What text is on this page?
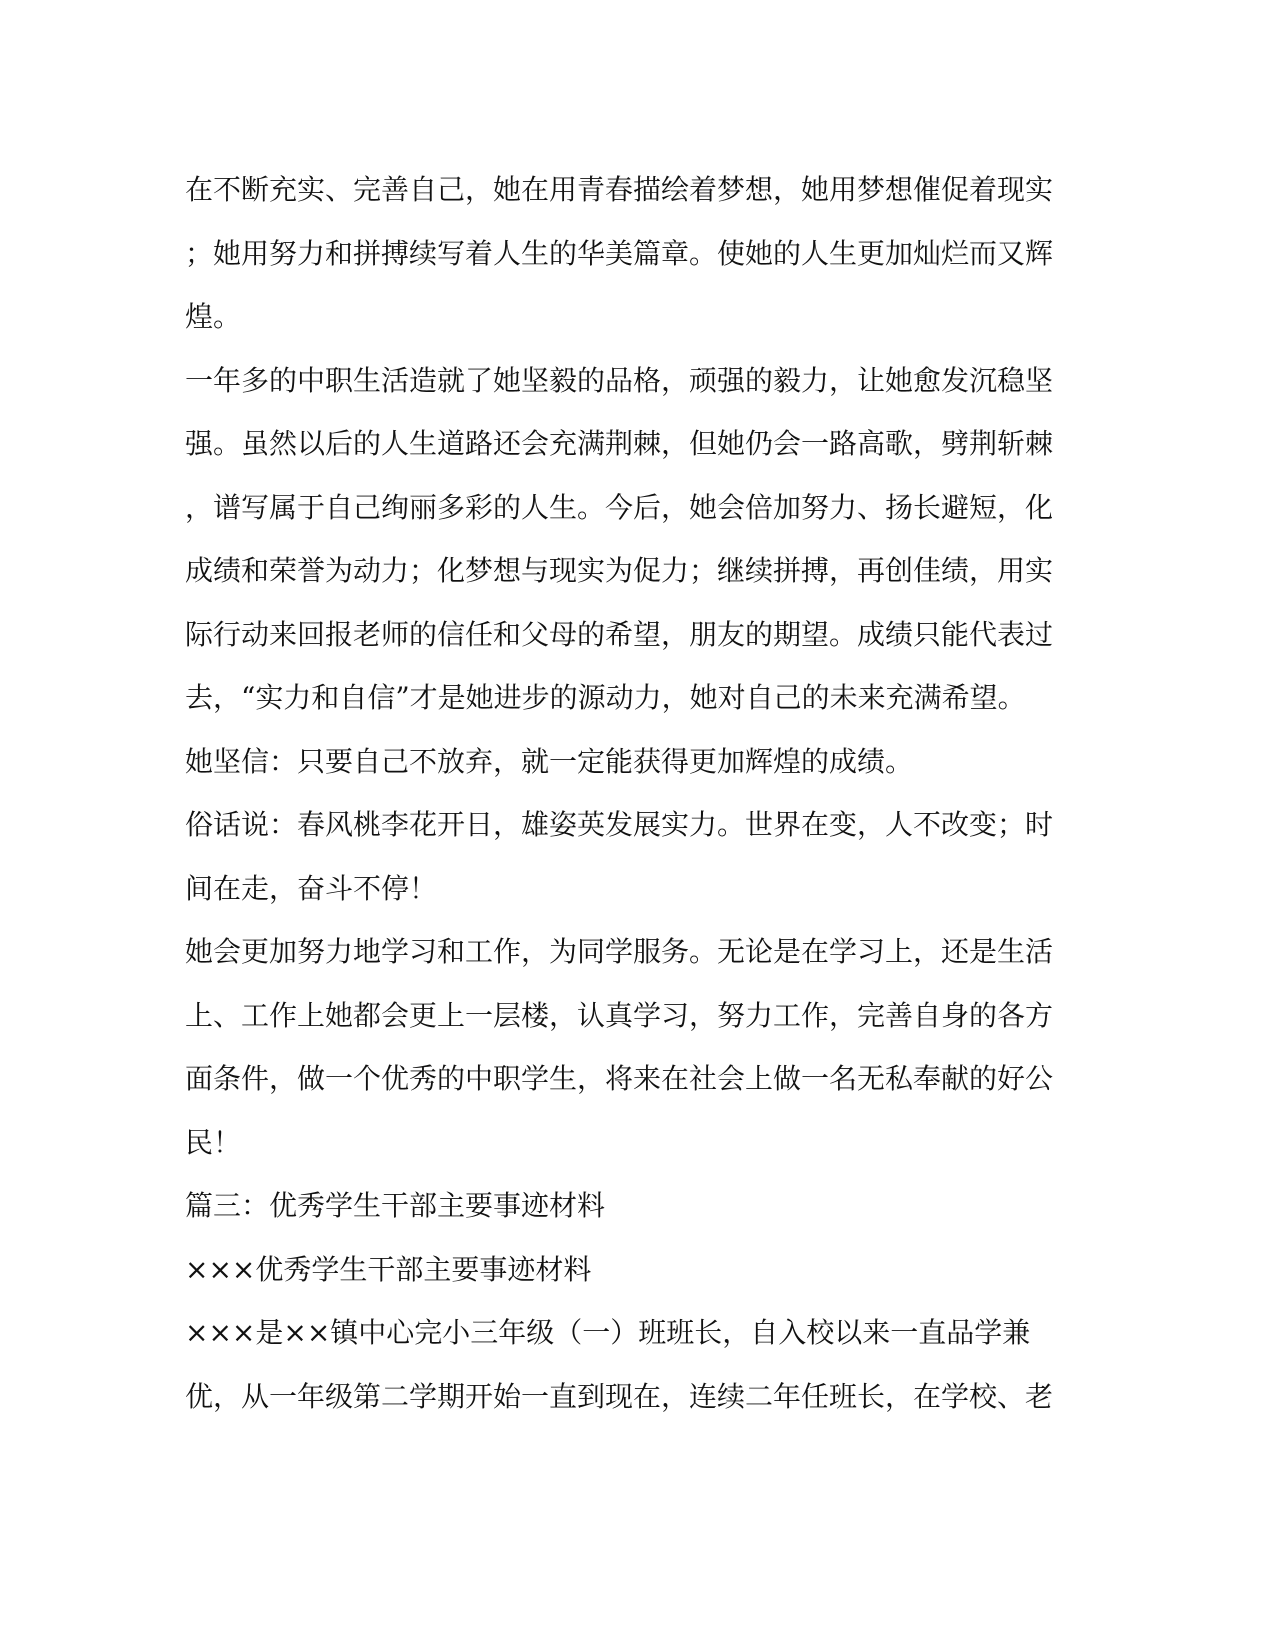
在不断充实、完善自己，她在用青春描绘着梦想，她用梦想催促着现实
；她用努力和拼搏续写着人生的华美篇章。使她的人生更加灿烂而又辉
煌。
一年多的中职生活造就了她坚毅的品格，顽强的毅力，让她愈发沉稳坚
强。虽然以后的人生道路还会充满荆棘，但她仍会一路高歌，劈荆斩棘
，谱写属于自己绚丽多彩的人生。今后，她会倍加努力、扬长避短，化
成绩和荣誉为动力；化梦想与现实为促力；继续拼搏，再创佳绩，用实
际行动来回报老师的信任和父母的希望，朋友的期望。成绩只能代表过
去，“实力和自信”才是她进步的源动力，她对自己的未来充满希望。
她坚信：只要自己不放弃，就一定能获得更加辉煌的成绩。
俗话说：春风桃李花开日，雄姿英发展实力。世界在变，人不改变；时
间在走，奋斗不停！
她会更加努力地学习和工作，为同学服务。无论是在学习上，还是生活
上、工作上她都会更上一层楼，认真学习，努力工作，完善自身的各方
面条件，做一个优秀的中职学生，将来在社会上做一名无私奉献的好公
民！
篇三：优秀学生干部主要事迹材料
×××优秀学生干部主要事迹材料
×××是××镇中心完小三年级（一）班班长，自入校以来一直品学兼
优，从一年级第二学期开始一直到现在，连续二年任班长，在学校、老
